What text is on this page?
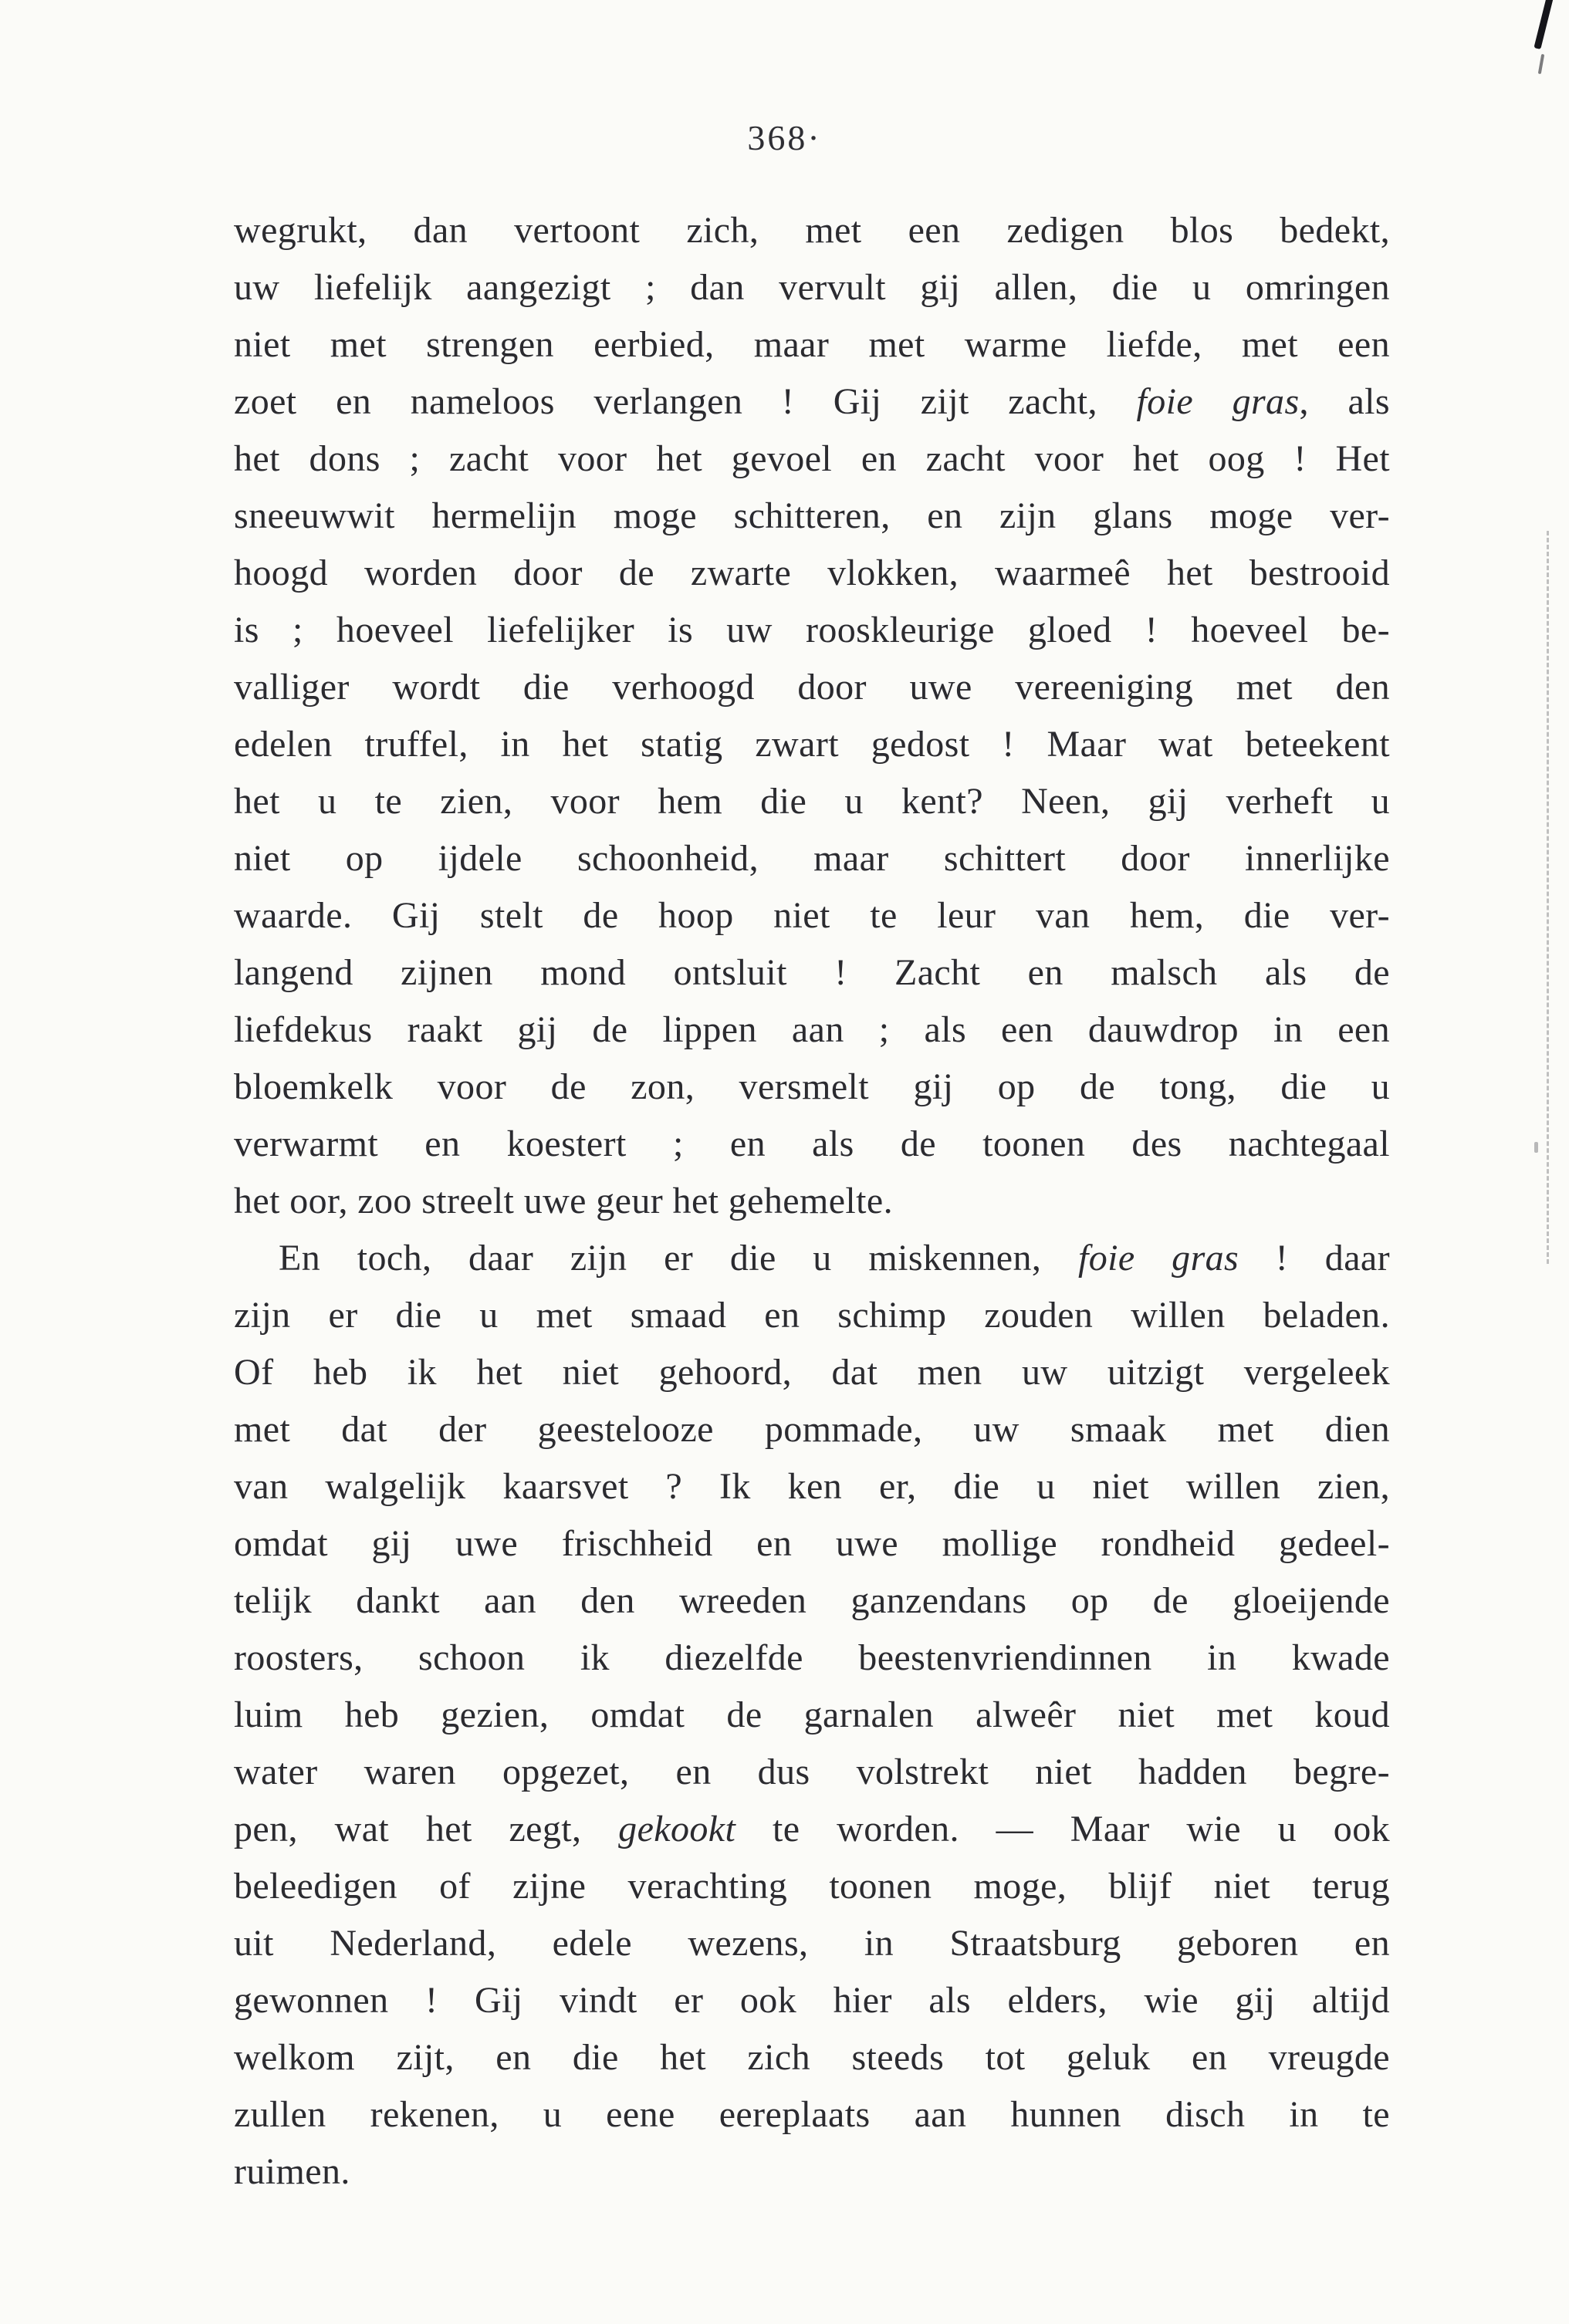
368·
wegrukt, dan vertoont zich, met een zedigen blos bedekt,
uw liefelijk aangezigt ; dan vervult gij allen, die u omringen
niet met strengen eerbied, maar met warme liefde, met een
zoet en nameloos verlangen ! Gij zijt zacht, foie gras, als
het dons ; zacht voor het gevoel en zacht voor het oog ! Het
sneeuwwit hermelijn moge schitteren, en zijn glans moge ver-
hoogd worden door de zwarte vlokken, waarmeê het bestrooid
is ; hoeveel liefelijker is uw rooskleurige gloed ! hoeveel be-
valliger wordt die verhoogd door uwe vereeniging met den
edelen truffel, in het statig zwart gedost ! Maar wat beteekent
het u te zien, voor hem die u kent? Neen, gij verheft u
niet op ijdele schoonheid, maar schittert door innerlijke
waarde. Gij stelt de hoop niet te leur van hem, die ver-
langend zijnen mond ontsluit ! Zacht en malsch als de
liefdekus raakt gij de lippen aan ; als een dauwdrop in een
bloemkelk voor de zon, versmelt gij op de tong, die u
verwarmt en koestert ; en als de toonen des nachtegaal
het oor, zoo streelt uwe geur het gehemelte.
En toch, daar zijn er die u miskennen, foie gras ! daar
zijn er die u met smaad en schimp zouden willen beladen.
Of heb ik het niet gehoord, dat men uw uitzigt vergeleek
met dat der geestelooze pommade, uw smaak met dien
van walgelijk kaarsvet ? Ik ken er, die u niet willen zien,
omdat gij uwe frischheid en uwe mollige rondheid gedeel-
telijk dankt aan den wreeden ganzendans op de gloeijende
roosters, schoon ik diezelfde beestenvriendinnen in kwade
luim heb gezien, omdat de garnalen alweêr niet met koud
water waren opgezet, en dus volstrekt niet hadden begre-
pen, wat het zegt, gekookt te worden. — Maar wie u ook
beleedigen of zijne verachting toonen moge, blijf niet terug
uit Nederland, edele wezens, in Straatsburg geboren en
gewonnen ! Gij vindt er ook hier als elders, wie gij altijd
welkom zijt, en die het zich steeds tot geluk en vreugde
zullen rekenen, u eene eereplaats aan hunnen disch in te
ruimen.
